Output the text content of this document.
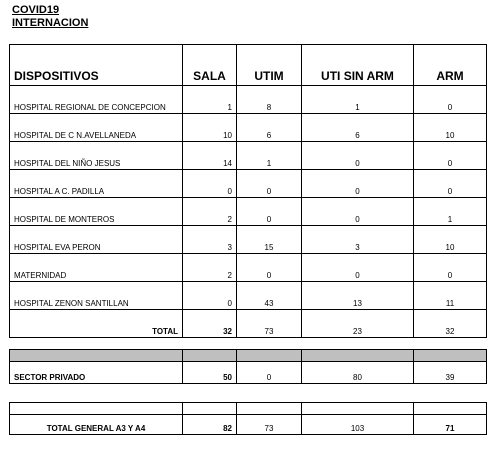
COVID19
INTERNACION
DISPOSITIVOS	SALA	UTIM	UTI SIN ARM	ARM
HOSPITAL REGIONAL DE CONCEPCION	1	8	1	0
HOSPITAL DE C N.AVELLANEDA	10	6	6	10
HOSPITAL DEL NIÑO JESUS	14	1	0	0
HOSPITAL A C. PADILLA	0	0	0	0
HOSPITAL DE MONTEROS	2	0	0	1
HOSPITAL EVA PERON	3	15	3	10
MATERNIDAD	2	0	0	0
HOSPITAL ZENON SANTILLAN	0	43	13	11
TOTAL	32	73	23	32

SECTOR PRIVADO	50	0	80	39

TOTAL GENERAL A3 Y A4	82	73	103	71
